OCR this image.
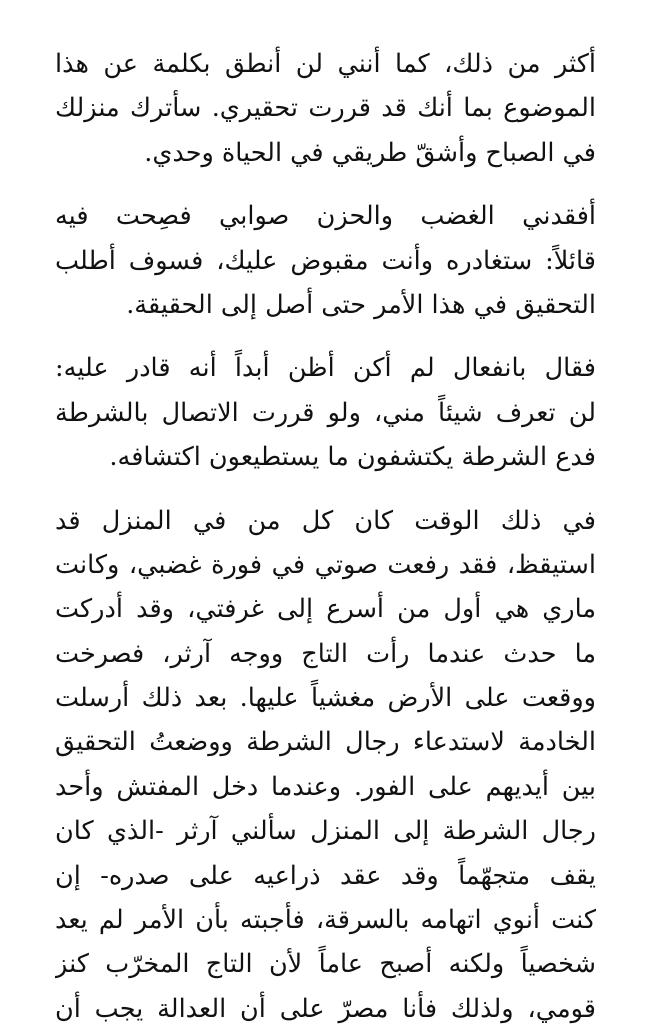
أكثر من ذلك، كما أنني لن أنطق بكلمة عن هذا
الموضوع بما أنك قد قررت تحقيري. سأترك منزلك
في الصباح وأشقّ طريقي في الحياة وحدي.
أفقدني الغضب والحزن صوابي فصِحت فيه
قائلاً: ستغادره وأنت مقبوض عليك، فسوف أطلب
التحقيق في هذا الأمر حتى أصل إلى الحقيقة.
فقال بانفعال لم أكن أظن أبداً أنه قادر عليه:
لن تعرف شيئاً مني، ولو قررت الاتصال بالشرطة
فدع الشرطة يكتشفون ما يستطيعون اكتشافه.
في ذلك الوقت كان كل من في المنزل قد
استيقظ، فقد رفعت صوتي في فورة غضبي، وكانت
ماري هي أول من أسرع إلى غرفتي، وقد أدركت
ما حدث عندما رأت التاج ووجه آرثر، فصرخت
ووقعت على الأرض مغشياً عليها. بعد ذلك أرسلت
الخادمة لاستدعاء رجال الشرطة ووضعتُ التحقيق
بين أيديهم على الفور. وعندما دخل المفتش وأحد
رجال الشرطة إلى المنزل سألني آرثر -الذي كان
يقف متجهّماً وقد عقد ذراعيه على صدره- إن
كنت أنوي اتهامه بالسرقة، فأجبته بأن الأمر لم يعد
شخصياً ولكنه أصبح عاماً لأن التاج المخرّب كنز
قومي، ولذلك فأنا مصرّ على أن العدالة يجب أن
